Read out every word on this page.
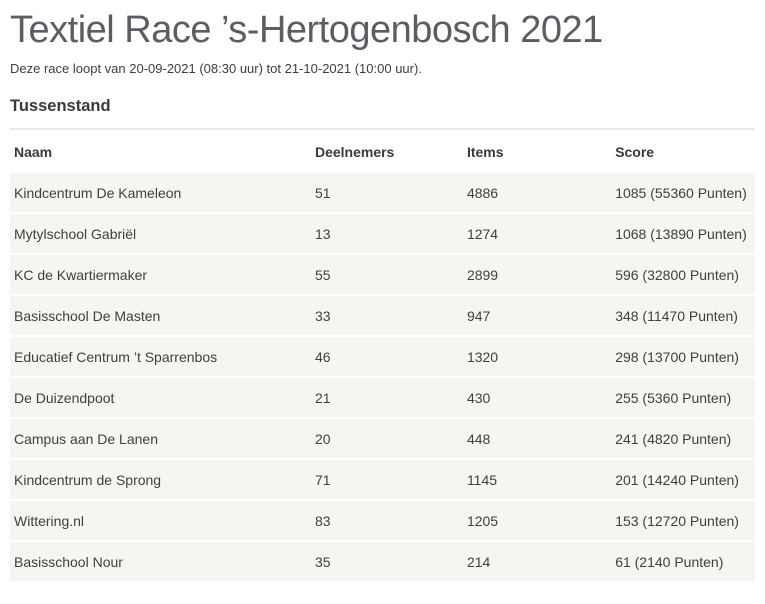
Textiel Race ’s-Hertogenbosch 2021

Deze race loopt van 20-09-2021 (08:30 uur) tot 21-10-2021 (10:00 uur).

Tussenstand
Naam	Deelnemers	Items	Score
Kindcentrum De Kameleon	51	4886	1085 (55360 Punten)
Mytylschool Gabriël	13	1274	1068 (13890 Punten)
KC de Kwartiermaker	55	2899	596 (32800 Punten)
Basisschool De Masten	33	947	348 (11470 Punten)
Educatief Centrum ’t Sparrenbos	46	1320	298 (13700 Punten)
De Duizendpoot	21	430	255 (5360 Punten)
Campus aan De Lanen	20	448	241 (4820 Punten)
Kindcentrum de Sprong	71	1145	201 (14240 Punten)
Wittering.nl	83	1205	153 (12720 Punten)
Basisschool Nour	35	214	61 (2140 Punten)
